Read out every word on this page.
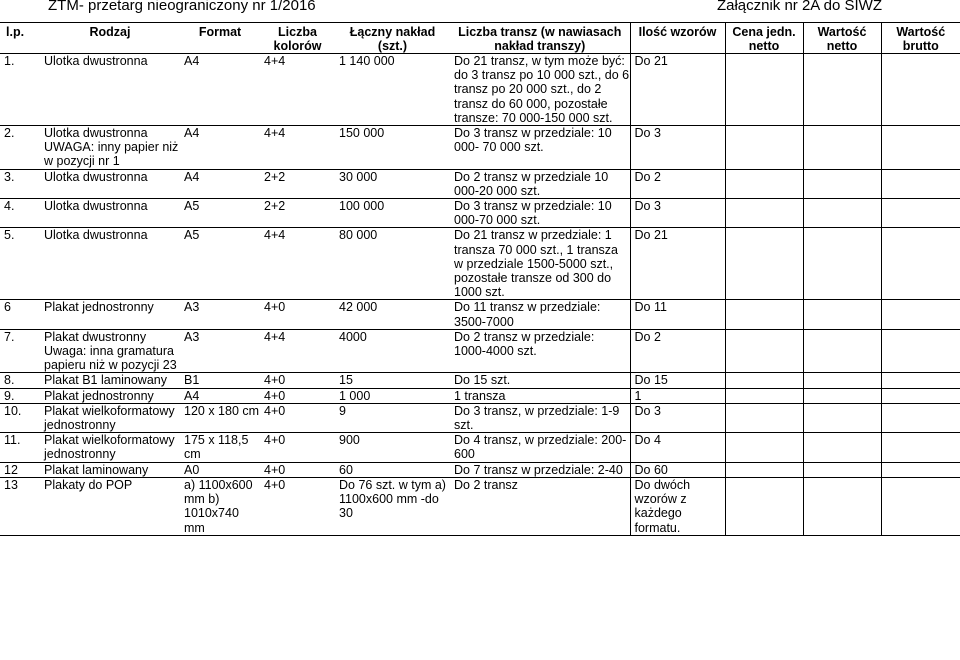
ZTM- przetarg nieograniczony nr 1/2016	Załącznik nr 2A do SIWZ
l.p.	Rodzaj	Format	Liczba kolorów	Łączny nakład (szt.)	Liczba transz (w nawiasach nakład transzy)	Ilość wzorów	Cena jedn. netto	Wartość netto	Wartość brutto
1.	Ulotka dwustronna	A4	4+4	1 140 000	Do 21 transz, w tym może być: do 3 transz po 10 000 szt., do 6 transz po 20 000 szt., do 2 transz do 60 000, pozostałe transze: 70 000-150 000 szt.	Do 21			
2.	Ulotka dwustronna UWAGA: inny papier niż w pozycji nr 1	A4	4+4	150 000	Do 3 transz w przedziale: 10 000- 70 000 szt.	Do 3			
3.	Ulotka dwustronna	A4	2+2	30 000	Do 2 transz w przedziale 10 000-20 000 szt.	Do 2			
4.	Ulotka dwustronna	A5	2+2	100 000	Do 3 transz w przedziale: 10 000-70 000 szt.	Do 3			
5.	Ulotka dwustronna	A5	4+4	80 000	Do 21 transz w przedziale: 1 transza 70 000 szt., 1 transza w przedziale 1500-5000 szt., pozostałe transze od 300 do 1000 szt.	Do 21			
6	Plakat jednostronny	A3	4+0	42 000	Do 11 transz w przedziale: 3500-7000	Do 11			
7.	Plakat dwustronny Uwaga: inna gramatura papieru niż w pozycji 23	A3	4+4	4000	Do 2 transz w przedziale: 1000-4000 szt.	Do 2			
8.	Plakat B1 laminowany	B1	4+0	15	Do 15 szt.	Do 15			
9.	Plakat jednostronny	A4	4+0	1 000	1 transza	1			
10.	Plakat wielkoformatowy jednostronny	120 x 180 cm	4+0	9	Do 3 transz, w przedziale: 1-9 szt.	Do 3			
11.	Plakat wielkoformatowy jednostronny	175 x 118,5 cm	4+0	900	Do 4 transz, w przedziale: 200-600	Do 4			
12	Plakat laminowany	A0	4+0	60	Do 7 transz w przedziale: 2-40	Do 60			
13	Plakaty do POP	a) 1100x600 mm b) 1010x740 mm	4+0	Do 76 szt. w tym a) 1100x600 mm -do 30	Do 2 transz	Do dwóch wzorów z każdego formatu.			
